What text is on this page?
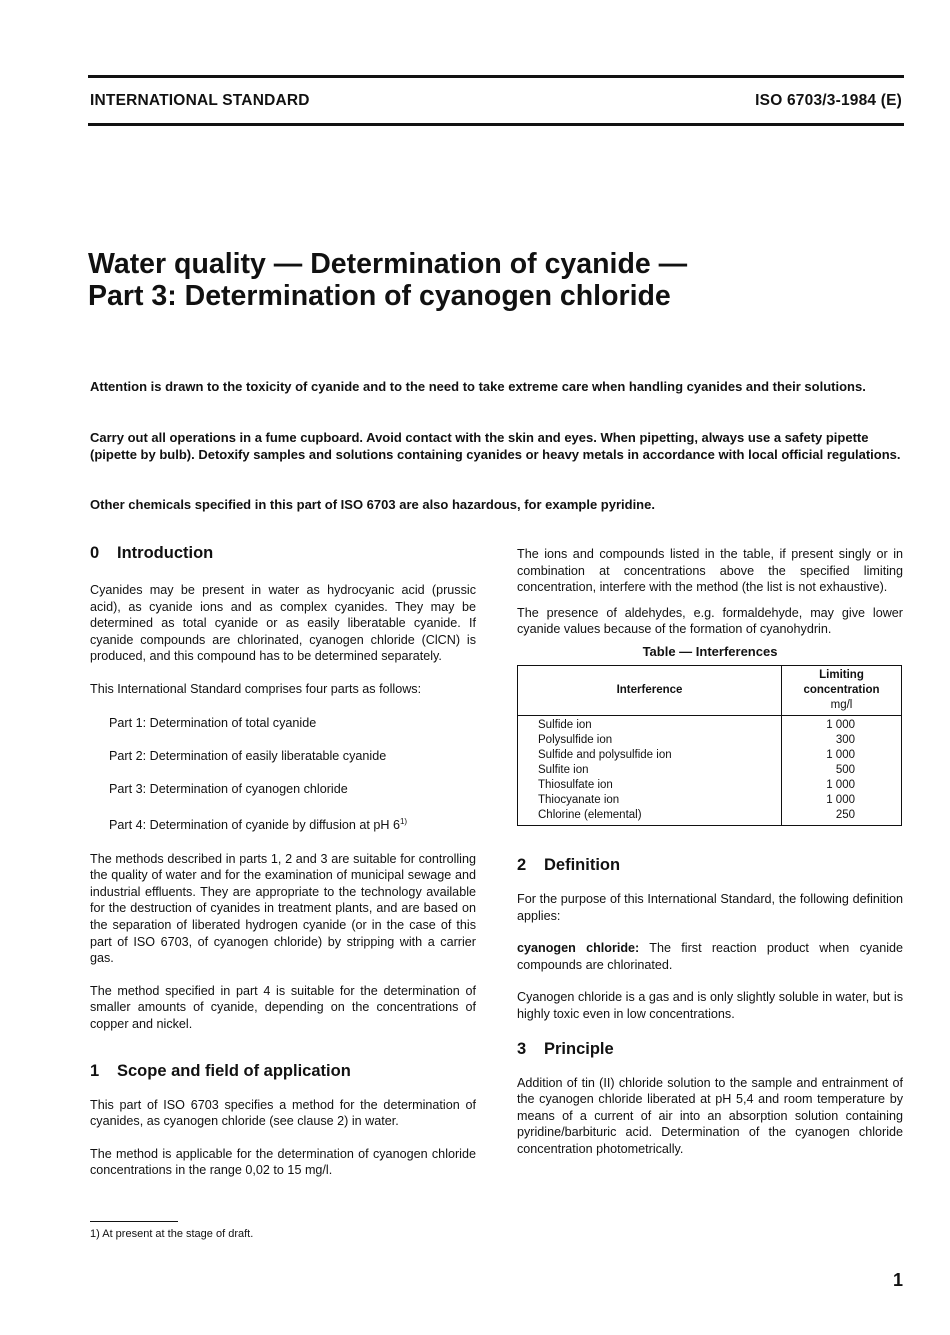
INTERNATIONAL STANDARD	ISO 6703/3-1984 (E)
Water quality — Determination of cyanide —
Part 3: Determination of cyanogen chloride
Attention is drawn to the toxicity of cyanide and to the need to take extreme care when handling cyanides and their solutions.
Carry out all operations in a fume cupboard. Avoid contact with the skin and eyes. When pipetting, always use a safety pipette (pipette by bulb). Detoxify samples and solutions containing cyanides or heavy metals in accordance with local official regulations.
Other chemicals specified in this part of ISO 6703 are also hazardous, for example pyridine.
0 Introduction

Cyanides may be present in water as hydrocyanic acid (prussic acid), as cyanide ions and as complex cyanides. They may be determined as total cyanide or as easily liberatable cyanide. If cyanide compounds are chlorinated, cyanogen chloride (ClCN) is produced, and this compound has to be determined separately.

This International Standard comprises four parts as follows:

Part 1: Determination of total cyanide

Part 2: Determination of easily liberatable cyanide

Part 3: Determination of cyanogen chloride

Part 4: Determination of cyanide by diffusion at pH 6$^{1)}$

The methods described in parts 1, 2 and 3 are suitable for controlling the quality of water and for the examination of municipal sewage and industrial effluents. They are appropriate to the technology available for the destruction of cyanides in treatment plants, and are based on the separation of liberated hydrogen cyanide (or in the case of this part of ISO 6703, of cyanogen chloride) by stripping with a carrier gas.

The method specified in part 4 is suitable for the determination of smaller amounts of cyanide, depending on the concentrations of copper and nickel.

1 Scope and field of application

This part of ISO 6703 specifies a method for the determination of cyanides, as cyanogen chloride (see clause 2) in water.

The method is applicable for the determination of cyanogen chloride concentrations in the range 0,02 to 15 mg/l.

The ions and compounds listed in the table, if present singly or in combination at concentrations above the specified limiting concentration, interfere with the method (the list is not exhaustive).

The presence of aldehydes, e.g. formaldehyde, may give lower cyanide values because of the formation of cyanohydrin.

Table — Interferences
Interference	Limiting
concentration
mg/l

Sulfide ion	1 000
Polysulfide ion	300
Sulfide and polysulfide ion	1 000
Sulfite ion	500
Thiosulfate ion	1 000
Thiocyanate ion	1 000
Chlorine (elemental)	250
2 Definition

For the purpose of this International Standard, the following definition applies:

cyanogen chloride: The first reaction product when cyanide compounds are chlorinated.

Cyanogen chloride is a gas and is only slightly soluble in water, but is highly toxic even in low concentrations.

3 Principle

Addition of tin (II) chloride solution to the sample and entrainment of the cyanogen chloride liberated at pH 5,4 and room temperature by means of a current of air into an absorption solution containing pyridine/barbituric acid. Determination of the cyanogen chloride concentration photometrically.

1) At present at the stage of draft.
1
